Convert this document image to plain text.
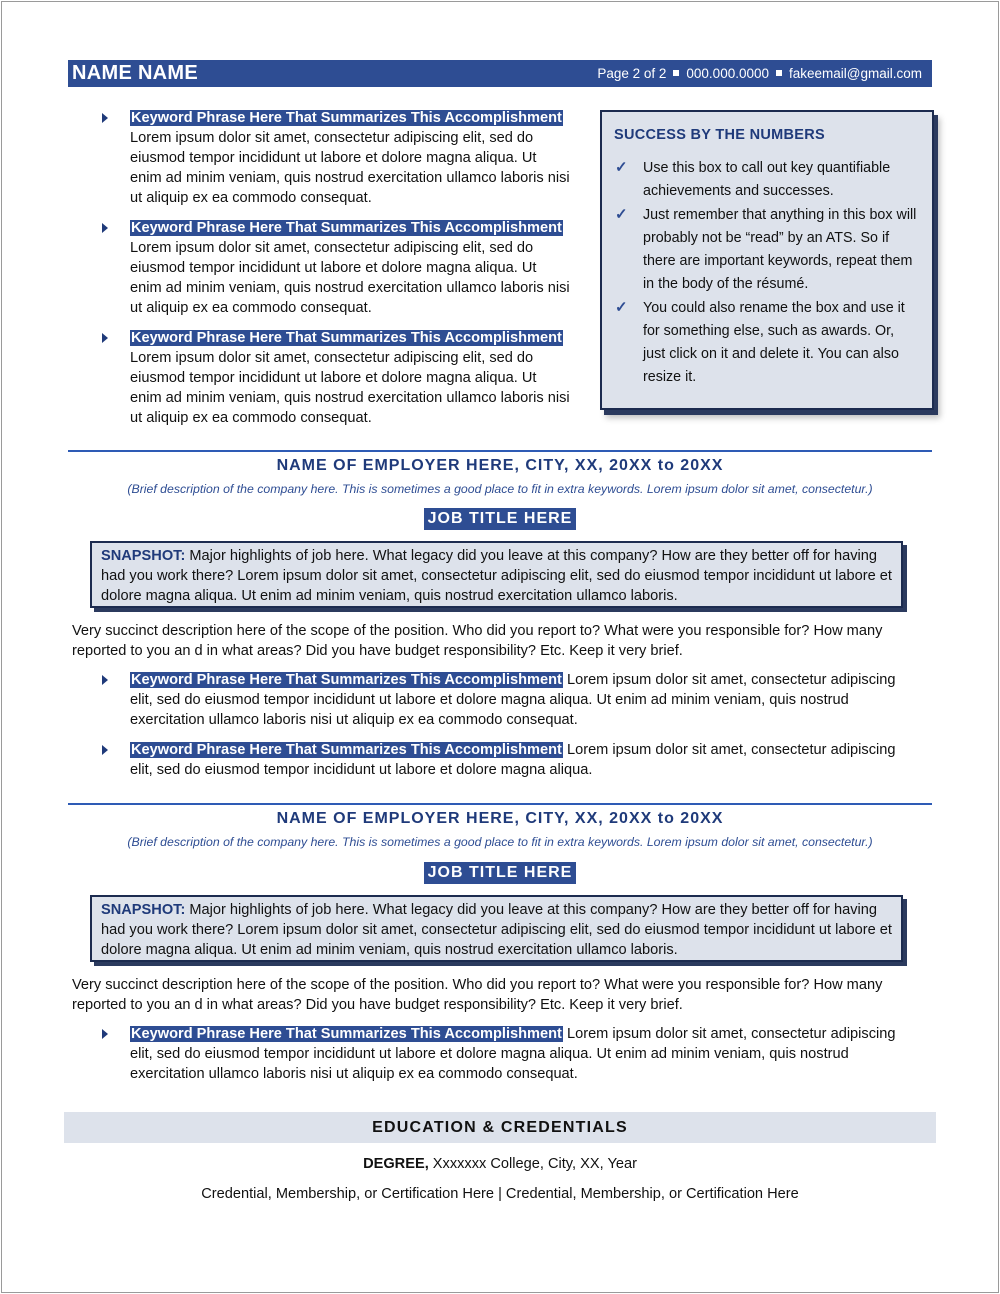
NAME NAME	Page 2 of 2 000.000.0000 fakeemail@gmail.com
Keyword Phrase Here That Summarizes This Accomplishment Lorem ipsum dolor sit amet, consectetur adipiscing elit, sed do eiusmod tempor incididunt ut labore et dolore magna aliqua. Ut enim ad minim veniam, quis nostrud exercitation ullamco laboris nisi ut aliquip ex ea commodo consequat.
Keyword Phrase Here That Summarizes This Accomplishment Lorem ipsum dolor sit amet, consectetur adipiscing elit, sed do eiusmod tempor incididunt ut labore et dolore magna aliqua. Ut enim ad minim veniam, quis nostrud exercitation ullamco laboris nisi ut aliquip ex ea commodo consequat.
Keyword Phrase Here That Summarizes This Accomplishment Lorem ipsum dolor sit amet, consectetur adipiscing elit, sed do eiusmod tempor incididunt ut labore et dolore magna aliqua. Ut enim ad minim veniam, quis nostrud exercitation ullamco laboris nisi ut aliquip ex ea commodo consequat.
SUCCESS BY THE NUMBERS
✓ Use this box to call out key quantifiable achievements and successes.
✓ Just remember that anything in this box will probably not be “read” by an ATS. So if there are important keywords, repeat them in the body of the résumé.
✓ You could also rename the box and use it for something else, such as awards. Or, just click on it and delete it. You can also resize it.
NAME OF EMPLOYER HERE, CITY, XX, 20XX to 20XX
(Brief description of the company here. This is sometimes a good place to fit in extra keywords. Lorem ipsum dolor sit amet, consectetur.)
JOB TITLE HERE
SNAPSHOT: Major highlights of job here. What legacy did you leave at this company? How are they better off for having had you work there? Lorem ipsum dolor sit amet, consectetur adipiscing elit, sed do eiusmod tempor incididunt ut labore et dolore magna aliqua. Ut enim ad minim veniam, quis nostrud exercitation ullamco laboris.
Very succinct description here of the scope of the position. Who did you report to? What were you responsible for? How many reported to you an d in what areas? Did you have budget responsibility? Etc. Keep it very brief.
Keyword Phrase Here That Summarizes This Accomplishment Lorem ipsum dolor sit amet, consectetur adipiscing elit, sed do eiusmod tempor incididunt ut labore et dolore magna aliqua. Ut enim ad minim veniam, quis nostrud exercitation ullamco laboris nisi ut aliquip ex ea commodo consequat.
Keyword Phrase Here That Summarizes This Accomplishment Lorem ipsum dolor sit amet, consectetur adipiscing elit, sed do eiusmod tempor incididunt ut labore et dolore magna aliqua.
NAME OF EMPLOYER HERE, CITY, XX, 20XX to 20XX
(Brief description of the company here. This is sometimes a good place to fit in extra keywords. Lorem ipsum dolor sit amet, consectetur.)
JOB TITLE HERE
SNAPSHOT: Major highlights of job here. What legacy did you leave at this company? How are they better off for having had you work there? Lorem ipsum dolor sit amet, consectetur adipiscing elit, sed do eiusmod tempor incididunt ut labore et dolore magna aliqua. Ut enim ad minim veniam, quis nostrud exercitation ullamco laboris.
Very succinct description here of the scope of the position. Who did you report to? What were you responsible for? How many reported to you an d in what areas? Did you have budget responsibility? Etc. Keep it very brief.
Keyword Phrase Here That Summarizes This Accomplishment Lorem ipsum dolor sit amet, consectetur adipiscing elit, sed do eiusmod tempor incididunt ut labore et dolore magna aliqua. Ut enim ad minim veniam, quis nostrud exercitation ullamco laboris nisi ut aliquip ex ea commodo consequat.
EDUCATION & CREDENTIALS
DEGREE, Xxxxxxx College, City, XX, Year
Credential, Membership, or Certification Here | Credential, Membership, or Certification Here
